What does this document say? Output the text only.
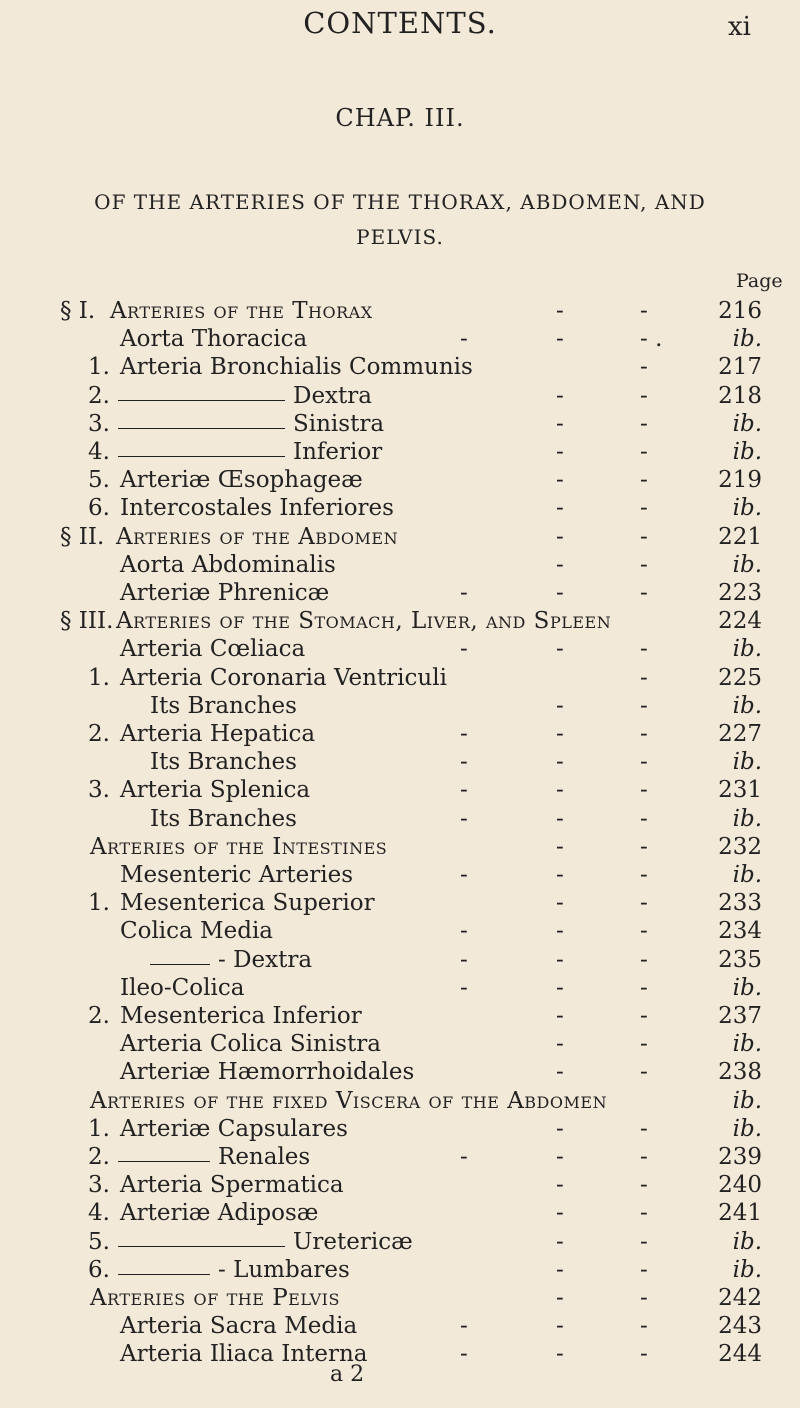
CONTENTS.	xi
CHAP. III.
OF THE ARTERIES OF THE THORAX, ABDOMEN, AND
PELVIS.
Page
§ I. Arteries of the Thorax	-	-	216
Aorta Thoracica	-	-	- .	ib.
1. Arteria Bronchialis Communis	-	217
2.	Dextra	-	-	218
3.	Sinistra	-	-	ib.
4.	Inferior	-	-	ib.
5. Arteriæ Œsophageæ	-	-	219
6. Intercostales Inferiores	-	-	ib.
§ II. Arteries of the Abdomen	-	-	221
Aorta Abdominalis	-	-	ib.
Arteriæ Phrenicæ	-	-	-	223
§ III. Arteries of the Stomach, Liver, and Spleen	224
Arteria Cœliaca	-	-	-	ib.
1. Arteria Coronaria Ventriculi	-	225
Its Branches	-	-	ib.
2. Arteria Hepatica	-	-	-	227
Its Branches	-	-	-	ib.
3. Arteria Splenica	-	-	-	231
Its Branches	-	-	-	ib.
Arteries of the Intestines	-	-	232
Mesenteric Arteries	-	-	-	ib.
1. Mesenterica Superior	-	-	233
Colica Media	-	-	-	234
- Dextra	-	-	-	235
Ileo-Colica	-	-	-	ib.
2. Mesenterica Inferior	-	-	237
Arteria Colica Sinistra	-	-	ib.
Arteriæ Hæmorrhoidales	-	-	238
Arteries of the fixed Viscera of the Abdomen	ib.
1. Arteriæ Capsulares	-	-	ib.
2.	Renales	-	-	-	239
3. Arteria Spermatica	-	-	240
4. Arteriæ Adiposæ	-	-	241
5.	Uretericæ	-	-	ib.
6.	- Lumbares	-	-	ib.
Arteries of the Pelvis	-	-	242
Arteria Sacra Media	-	-	-	243
Arteria Iliaca Interna	-	-	-	244
a 2
